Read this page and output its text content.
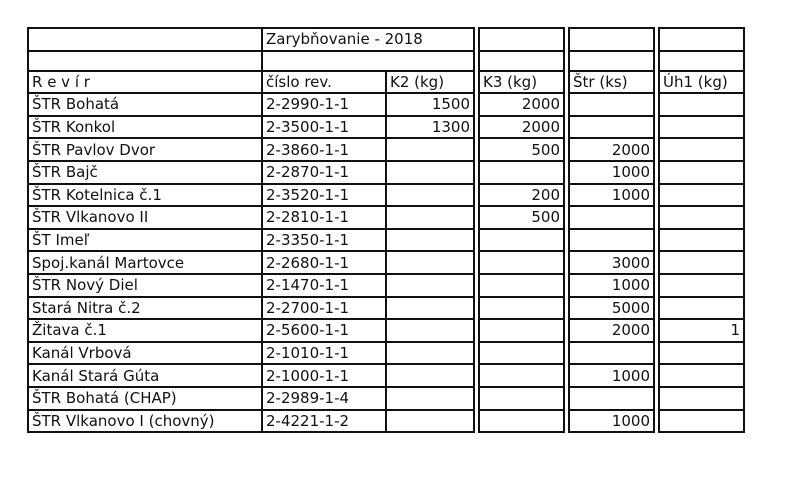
	Zarybňovanie - 2018							

R e v í r	číslo rev.	K2 (kg)		K3 (kg)		Štr (ks)		Úh1 (kg)
ŠTR Bohatá	2-2990-1-1	1500		2000				
ŠTR Konkol	2-3500-1-1	1300		2000				
ŠTR Pavlov Dvor	2-3860-1-1			500		2000		
ŠTR Bajč	2-2870-1-1					1000		
ŠTR Kotelnica č.1	2-3520-1-1			200		1000		
ŠTR Vlkanovo II	2-2810-1-1			500				
ŠT Imeľ	2-3350-1-1							
Spoj.kanál Martovce	2-2680-1-1					3000		
ŠTR Nový Diel	2-1470-1-1					1000		
Stará Nitra č.2	2-2700-1-1					5000		
Žitava č.1	2-5600-1-1					2000		1
Kanál Vrbová	2-1010-1-1							
Kanál Stará Gúta	2-1000-1-1					1000		
ŠTR Bohatá (CHAP)	2-2989-1-4							
ŠTR Vlkanovo I (chovný)	2-4221-1-2					1000		
